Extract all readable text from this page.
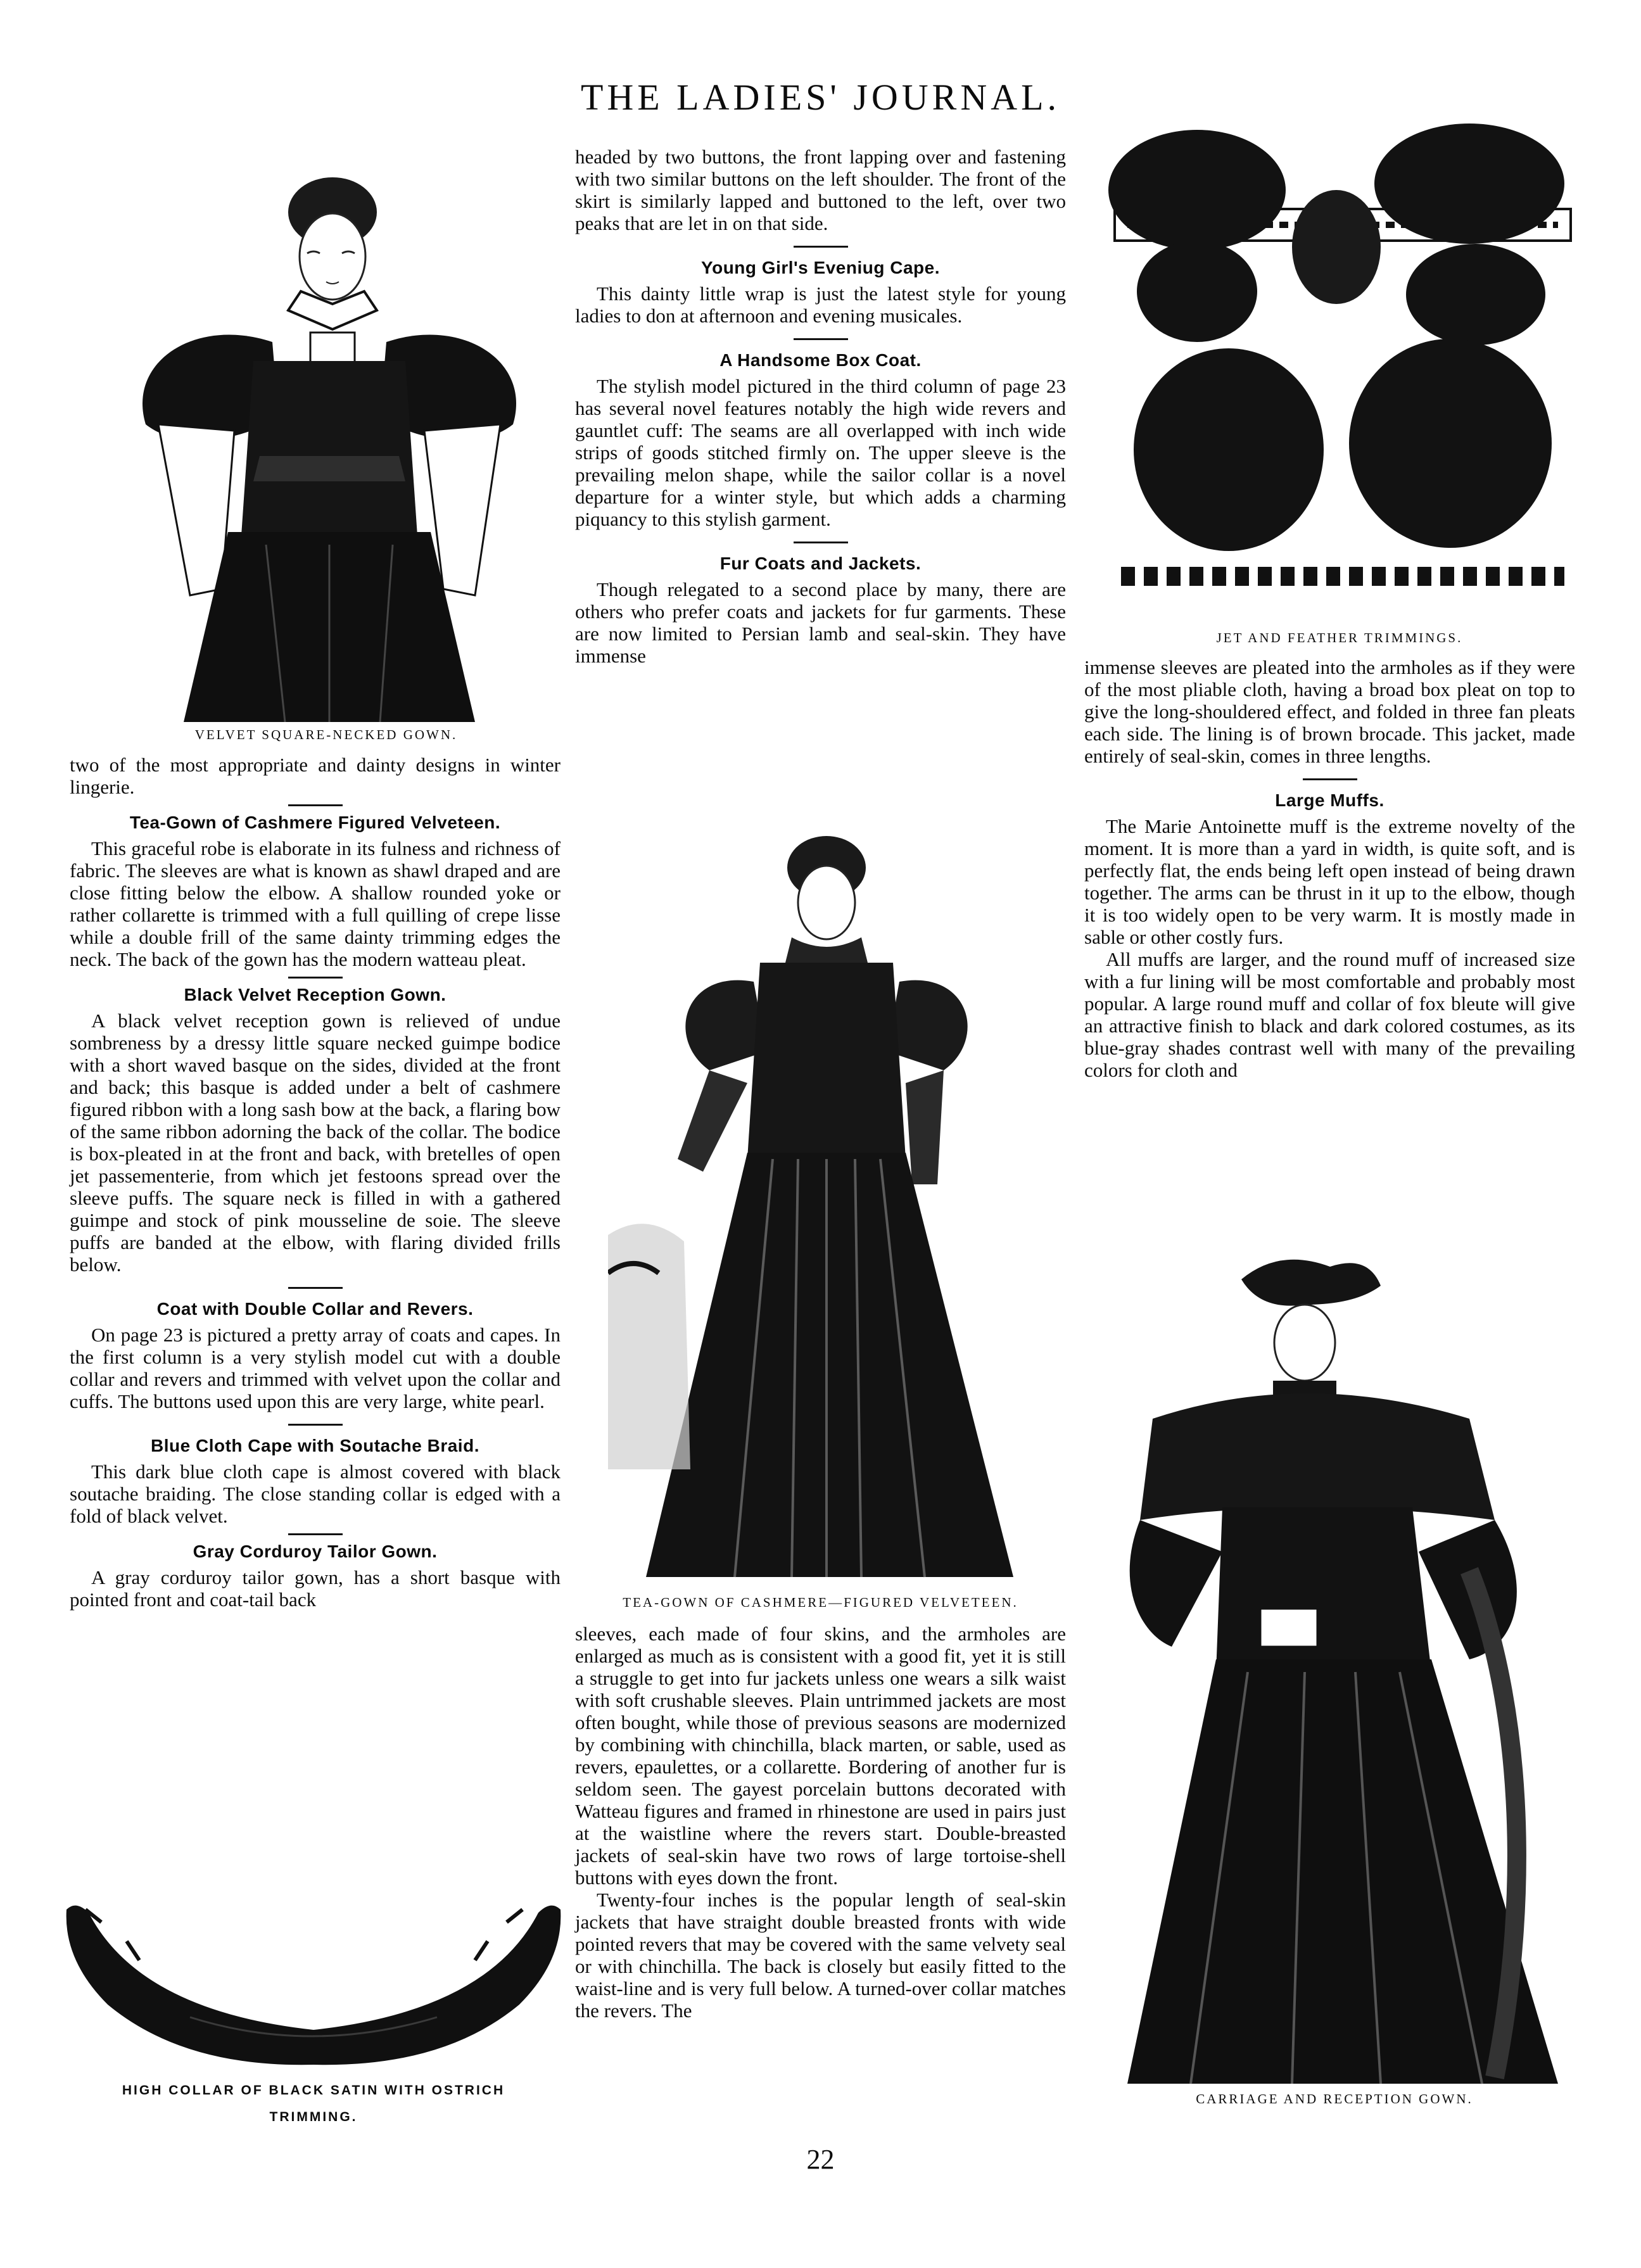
THE LADIES' JOURNAL.
VELVET SQUARE-NECKED GOWN.

two of the most appropriate and dainty designs in winter lingerie.

Tea-Gown of Cashmere Figured Velveteen.

This graceful robe is elaborate in its fulness and richness of fabric. The sleeves are what is known as shawl draped and are close fitting below the elbow. A shallow rounded yoke or rather collarette is trimmed with a full quilling of crepe lisse while a double frill of the same dainty trimming edges the neck. The back of the gown has the modern watteau pleat.

Black Velvet Reception Gown.

A black velvet reception gown is relieved of undue sombreness by a dressy little square necked guimpe bodice with a short waved basque on the sides, divided at the front and back; this basque is added under a belt of cashmere figured ribbon with a long sash bow at the back, a flaring bow of the same ribbon adorning the back of the collar. The bodice is box-pleated in at the front and back, with bretelles of open jet passementerie, from which jet festoons spread over the sleeve puffs. The square neck is filled in with a gathered guimpe and stock of pink mousseline de soie. The sleeve puffs are banded at the elbow, with flaring divided frills below.

Coat with Double Collar and Revers.

On page 23 is pictured a pretty array of coats and capes. In the first column is a very stylish model cut with a double collar and revers and trimmed with velvet upon the collar and cuffs. The buttons used upon this are very large, white pearl.

Blue Cloth Cape with Soutache Braid.

This dark blue cloth cape is almost covered with black soutache braiding. The close standing collar is edged with a fold of black velvet.

Gray Corduroy Tailor Gown.

A gray corduroy tailor gown, has a short basque with pointed front and coat-tail back

HIGH COLLAR OF BLACK SATIN WITH OSTRICH
TRIMMING.

headed by two buttons, the front lapping over and fastening with two similar buttons on the left shoulder. The front of the skirt is similarly lapped and buttoned to the left, over two peaks that are let in on that side.

Young Girl's Eveniug Cape.

This dainty little wrap is just the latest style for young ladies to don at afternoon and evening musicales.

A Handsome Box Coat.

The stylish model pictured in the third column of page 23 has several novel features notably the high wide revers and gauntlet cuff: The seams are all overlapped with inch wide strips of goods stitched firmly on. The upper sleeve is the prevailing melon shape, while the sailor collar is a novel departure for a winter style, but which adds a charming piquancy to this stylish garment.

Fur Coats and Jackets.

Though relegated to a second place by many, there are others who prefer coats and jackets for fur garments. These are now limited to Persian lamb and seal-skin. They have immense

TEA-GOWN OF CASHMERE—FIGURED VELVETEEN.

sleeves, each made of four skins, and the armholes are enlarged as much as is consistent with a good fit, yet it is still a struggle to get into fur jackets unless one wears a silk waist with soft crushable sleeves. Plain untrimmed jackets are most often bought, while those of previous seasons are modernized by combining with chinchilla, black marten, or sable, used as revers, epaulettes, or a collarette. Bordering of another fur is seldom seen. The gayest porcelain buttons decorated with Watteau figures and framed in rhinestone are used in pairs just at the waistline where the revers start. Double-breasted jackets of seal-skin have two rows of large tortoise-shell buttons with eyes down the front.

Twenty-four inches is the popular length of seal-skin jackets that have straight double breasted fronts with wide pointed revers that may be covered with the same velvety seal or with chinchilla. The back is closely but easily fitted to the waist-line and is very full below. A turned-over collar matches the revers. The

JET AND FEATHER TRIMMINGS.

immense sleeves are pleated into the armholes as if they were of the most pliable cloth, having a broad box pleat on top to give the long-shouldered effect, and folded in three fan pleats each side. The lining is of brown brocade. This jacket, made entirely of seal-skin, comes in three lengths.

Large Muffs.

The Marie Antoinette muff is the extreme novelty of the moment. It is more than a yard in width, is quite soft, and is perfectly flat, the ends being left open instead of being drawn together. The arms can be thrust in it up to the elbow, though it is too widely open to be very warm. It is mostly made in sable or other costly furs.

All muffs are larger, and the round muff of increased size with a fur lining will be most comfortable and probably most popular. A large round muff and collar of fox bleute will give an attractive finish to black and dark colored costumes, as its blue-gray shades contrast well with many of the prevailing colors for cloth and

CARRIAGE AND RECEPTION GOWN.
22
